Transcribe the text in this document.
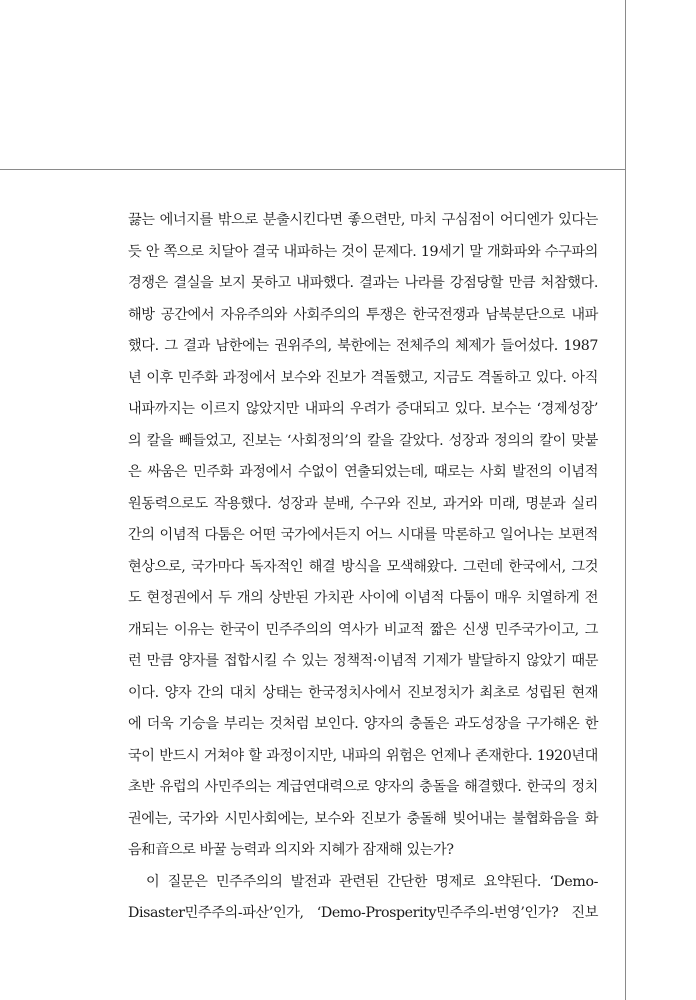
끓는 에너지를 밖으로 분출시킨다면 좋으련만, 마치 구심점이 어디엔가 있다는
듯 안 쪽으로 치달아 결국 내파하는 것이 문제다. 19세기 말 개화파와 수구파의
경쟁은 결실을 보지 못하고 내파했다. 결과는 나라를 강점당할 만큼 처참했다.
해방 공간에서 자유주의와 사회주의의 투쟁은 한국전쟁과 남북분단으로 내파
했다. 그 결과 남한에는 권위주의, 북한에는 전체주의 체제가 들어섰다. 1987
년 이후 민주화 과정에서 보수와 진보가 격돌했고, 지금도 격돌하고 있다. 아직
내파까지는 이르지 않았지만 내파의 우려가 증대되고 있다. 보수는 ‘경제성장’
의 칼을 빼들었고, 진보는 ‘사회정의’의 칼을 갈았다. 성장과 정의의 칼이 맞붙
은 싸움은 민주화 과정에서 수없이 연출되었는데, 때로는 사회 발전의 이념적
원동력으로도 작용했다. 성장과 분배, 수구와 진보, 과거와 미래, 명분과 실리
간의 이념적 다툼은 어떤 국가에서든지 어느 시대를 막론하고 일어나는 보편적
현상으로, 국가마다 독자적인 해결 방식을 모색해왔다. 그런데 한국에서, 그것
도 현정권에서 두 개의 상반된 가치관 사이에 이념적 다툼이 매우 치열하게 전
개되는 이유는 한국이 민주주의의 역사가 비교적 짧은 신생 민주국가이고, 그
런 만큼 양자를 접합시킬 수 있는 정책적·이념적 기제가 발달하지 않았기 때문
이다. 양자 간의 대치 상태는 한국정치사에서 진보정치가 최초로 성립된 현재
에 더욱 기승을 부리는 것처럼 보인다. 양자의 충돌은 과도성장을 구가해온 한
국이 반드시 거쳐야 할 과정이지만, 내파의 위험은 언제나 존재한다. 1920년대
초반 유럽의 사민주의는 계급연대력으로 양자의 충돌을 해결했다. 한국의 정치
권에는, 국가와 시민사회에는, 보수와 진보가 충돌해 빚어내는 불협화음을 화
음和音으로 바꿀 능력과 의지와 지혜가 잠재해 있는가?
이 질문은 민주주의의 발전과 관련된 간단한 명제로 요약된다. ‘Demo-
Disaster민주주의-파산’인가, ‘Demo-Prosperity민주주의-번영’인가? 진보
